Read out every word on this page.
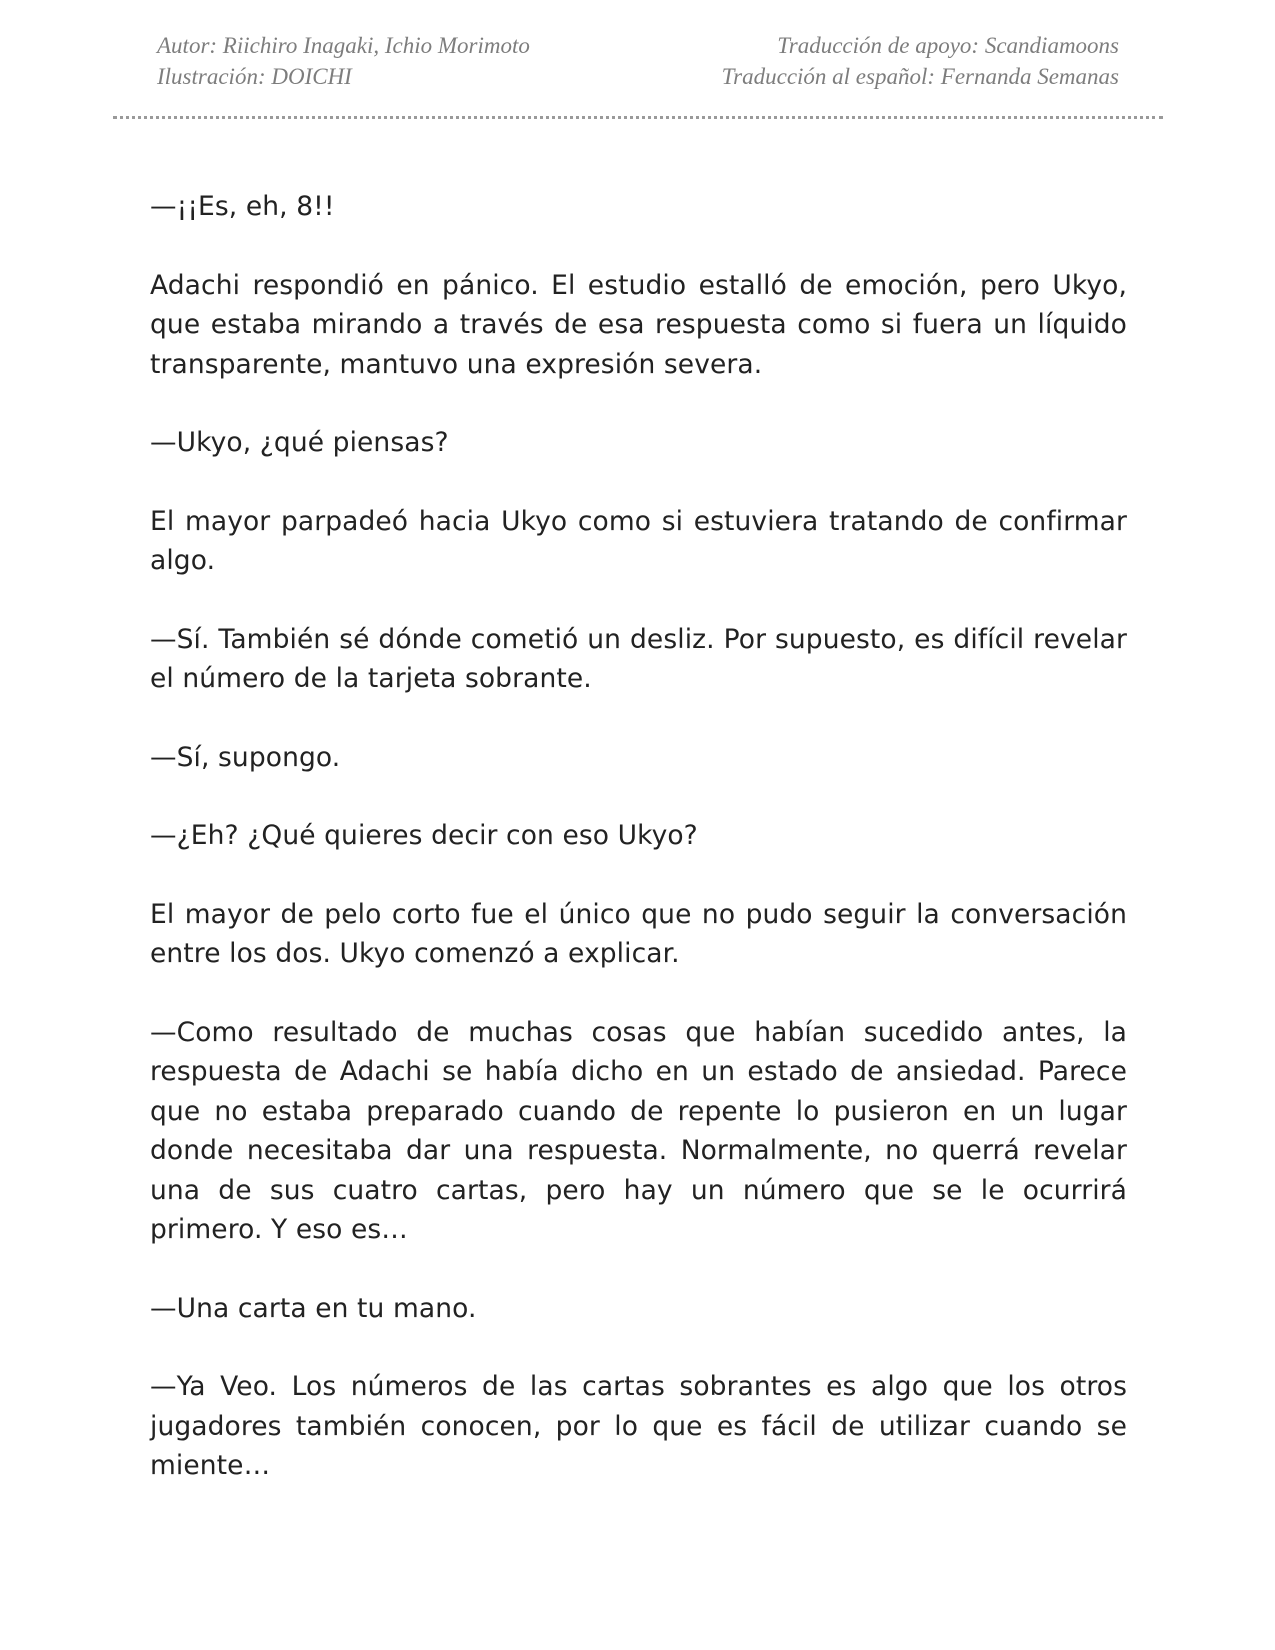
Autor: Riichiro Inagaki, Ichio Morimoto
Ilustración: DOICHI
Traducción de apoyo: Scandiamoons
Traducción al español: Fernanda Semanas

—¡¡Es, eh, 8!!

Adachi respondió en pánico. El estudio estalló de emoción, pero Ukyo, que estaba mirando a través de esa respuesta como si fuera un líquido transparente, mantuvo una expresión severa.

—Ukyo, ¿qué piensas?

El mayor parpadeó hacia Ukyo como si estuviera tratando de confirmar algo.

—Sí. También sé dónde cometió un desliz. Por supuesto, es difícil revelar el número de la tarjeta sobrante.

—Sí, supongo.

—¿Eh? ¿Qué quieres decir con eso Ukyo?

El mayor de pelo corto fue el único que no pudo seguir la conversación entre los dos. Ukyo comenzó a explicar.

—Como resultado de muchas cosas que habían sucedido antes, la respuesta de Adachi se había dicho en un estado de ansiedad. Parece que no estaba preparado cuando de repente lo pusieron en un lugar donde necesitaba dar una respuesta. Normalmente, no querrá revelar una de sus cuatro cartas, pero hay un número que se le ocurrirá primero. Y eso es…

—Una carta en tu mano.

—Ya Veo. Los números de las cartas sobrantes es algo que los otros jugadores también conocen, por lo que es fácil de utilizar cuando se miente…
